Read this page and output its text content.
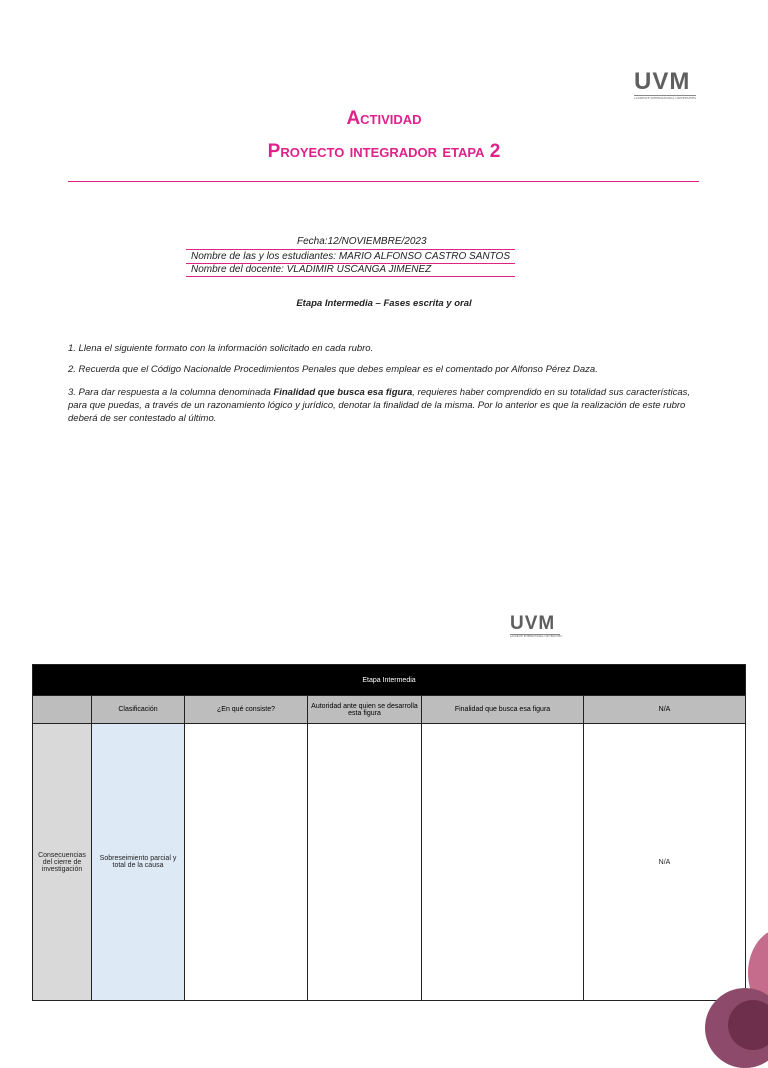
UVM
LAUREATE INTERNATIONAL UNIVERSITIES
Actividad
Proyecto integrador etapa 2
Fecha:12/NOVIEMBRE/2023
Nombre de las y los estudiantes: MARIO ALFONSO CASTRO SANTOS
Nombre del docente: VLADIMIR USCANGA JIMENEZ
Etapa Intermedia – Fases escrita y oral
1. Llena el siguiente formato con la información solicitado en cada rubro.
2. Recuerda que el Código Nacionalde Procedimientos Penales que debes emplear es el comentado por Alfonso Pérez Daza.
3. Para dar respuesta a la columna denominada Finalidad que busca esa figura, requieres haber comprendido en su totalidad sus características, para que puedas, a través de un razonamiento lógico y jurídico, denotar la finalidad de la misma. Por lo anterior es que la realización de este rubro deberá de ser contestado al último.
UVM
LAUREATE INTERNATIONAL UNIVERSITIES
Etapa Intermedia					
	Clasificación	¿En qué consiste?	Autoridad ante quien se desarrolla esta figura	Finalidad que busca esa figura	N/A
Consecuencias del cierre de investigación	Sobreseimiento parcial y total de la causa				N/A
